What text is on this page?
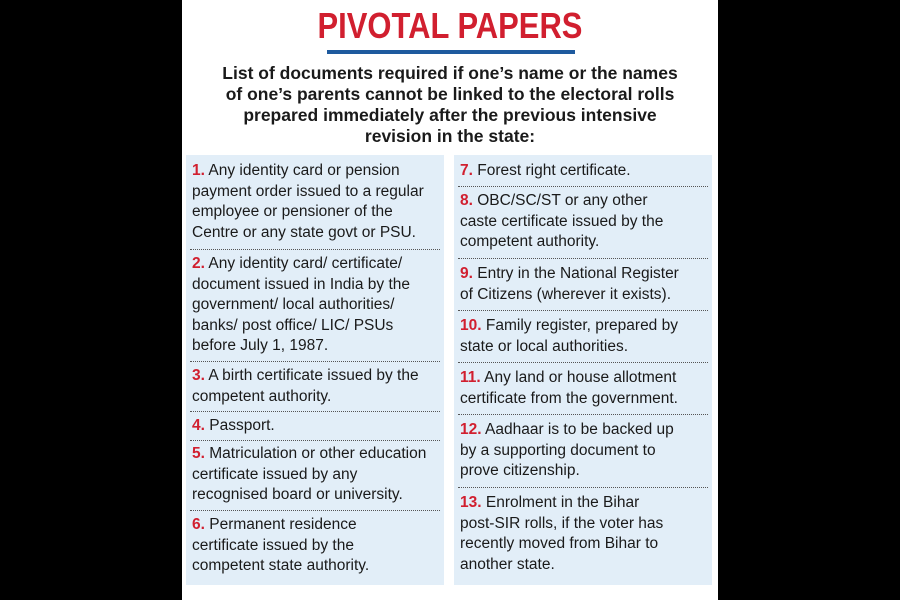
PIVOTAL PAPERS
List of documents required if one’s name or the names
of one’s parents cannot be linked to the electoral rolls
prepared immediately after the previous intensive
revision in the state:
1. Any identity card or pension
payment order issued to a regular
employee or pensioner of the
Centre or any state govt or PSU.
2. Any identity card/ certificate/
document issued in India by the
government/ local authorities/
banks/ post office/ LIC/ PSUs
before July 1, 1987.
3. A birth certificate issued by the
competent authority.
4. Passport.
5. Matriculation or other education
certificate issued by any
recognised board or university.
6. Permanent residence
certificate issued by the
competent state authority.
7. Forest right certificate.
8. OBC/SC/ST or any other
caste certificate issued by the
competent authority.
9. Entry in the National Register
of Citizens (wherever it exists).
10. Family register, prepared by
state or local authorities.
11. Any land or house allotment
certificate from the government.
12. Aadhaar is to be backed up
by a supporting document to
prove citizenship.
13. Enrolment in the Bihar
post-SIR rolls, if the voter has
recently moved from Bihar to
another state.
